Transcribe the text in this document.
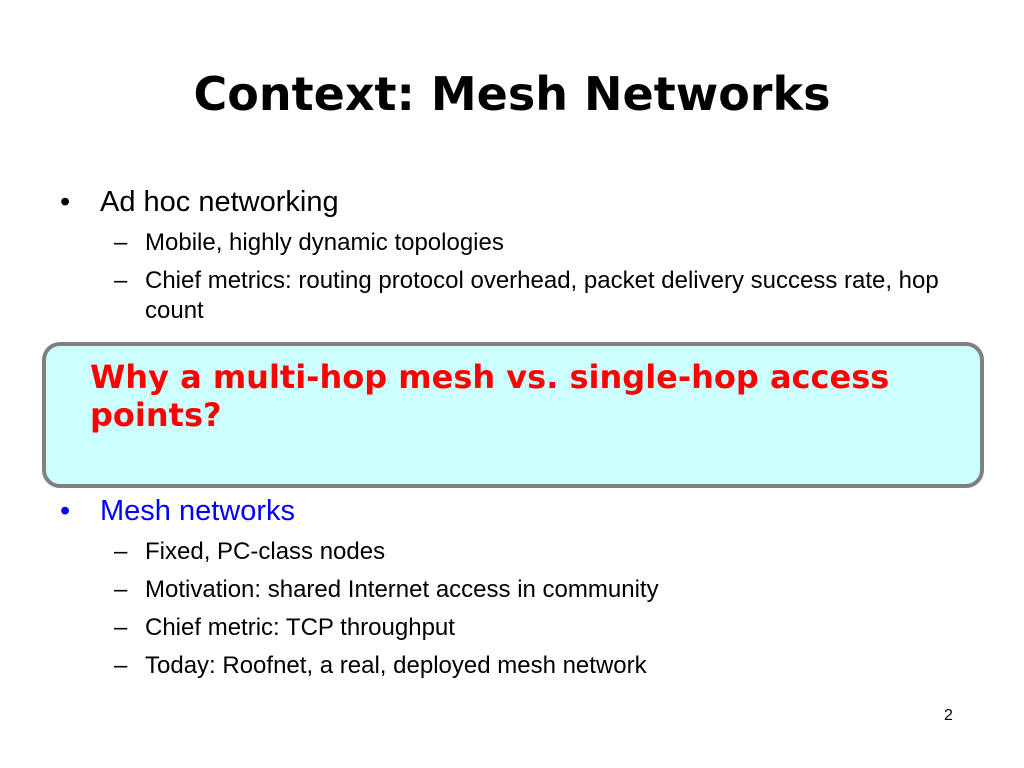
Context: Mesh Networks
• Ad hoc networking
– Mobile, highly dynamic topologies
– Chief metrics: routing protocol overhead, packet delivery success rate, hop count
Why a multi-hop mesh vs. single-hop access points?
• Mesh networks
– Fixed, PC-class nodes
– Motivation: shared Internet access in community
– Chief metric: TCP throughput
– Today: Roofnet, a real, deployed mesh network
2
